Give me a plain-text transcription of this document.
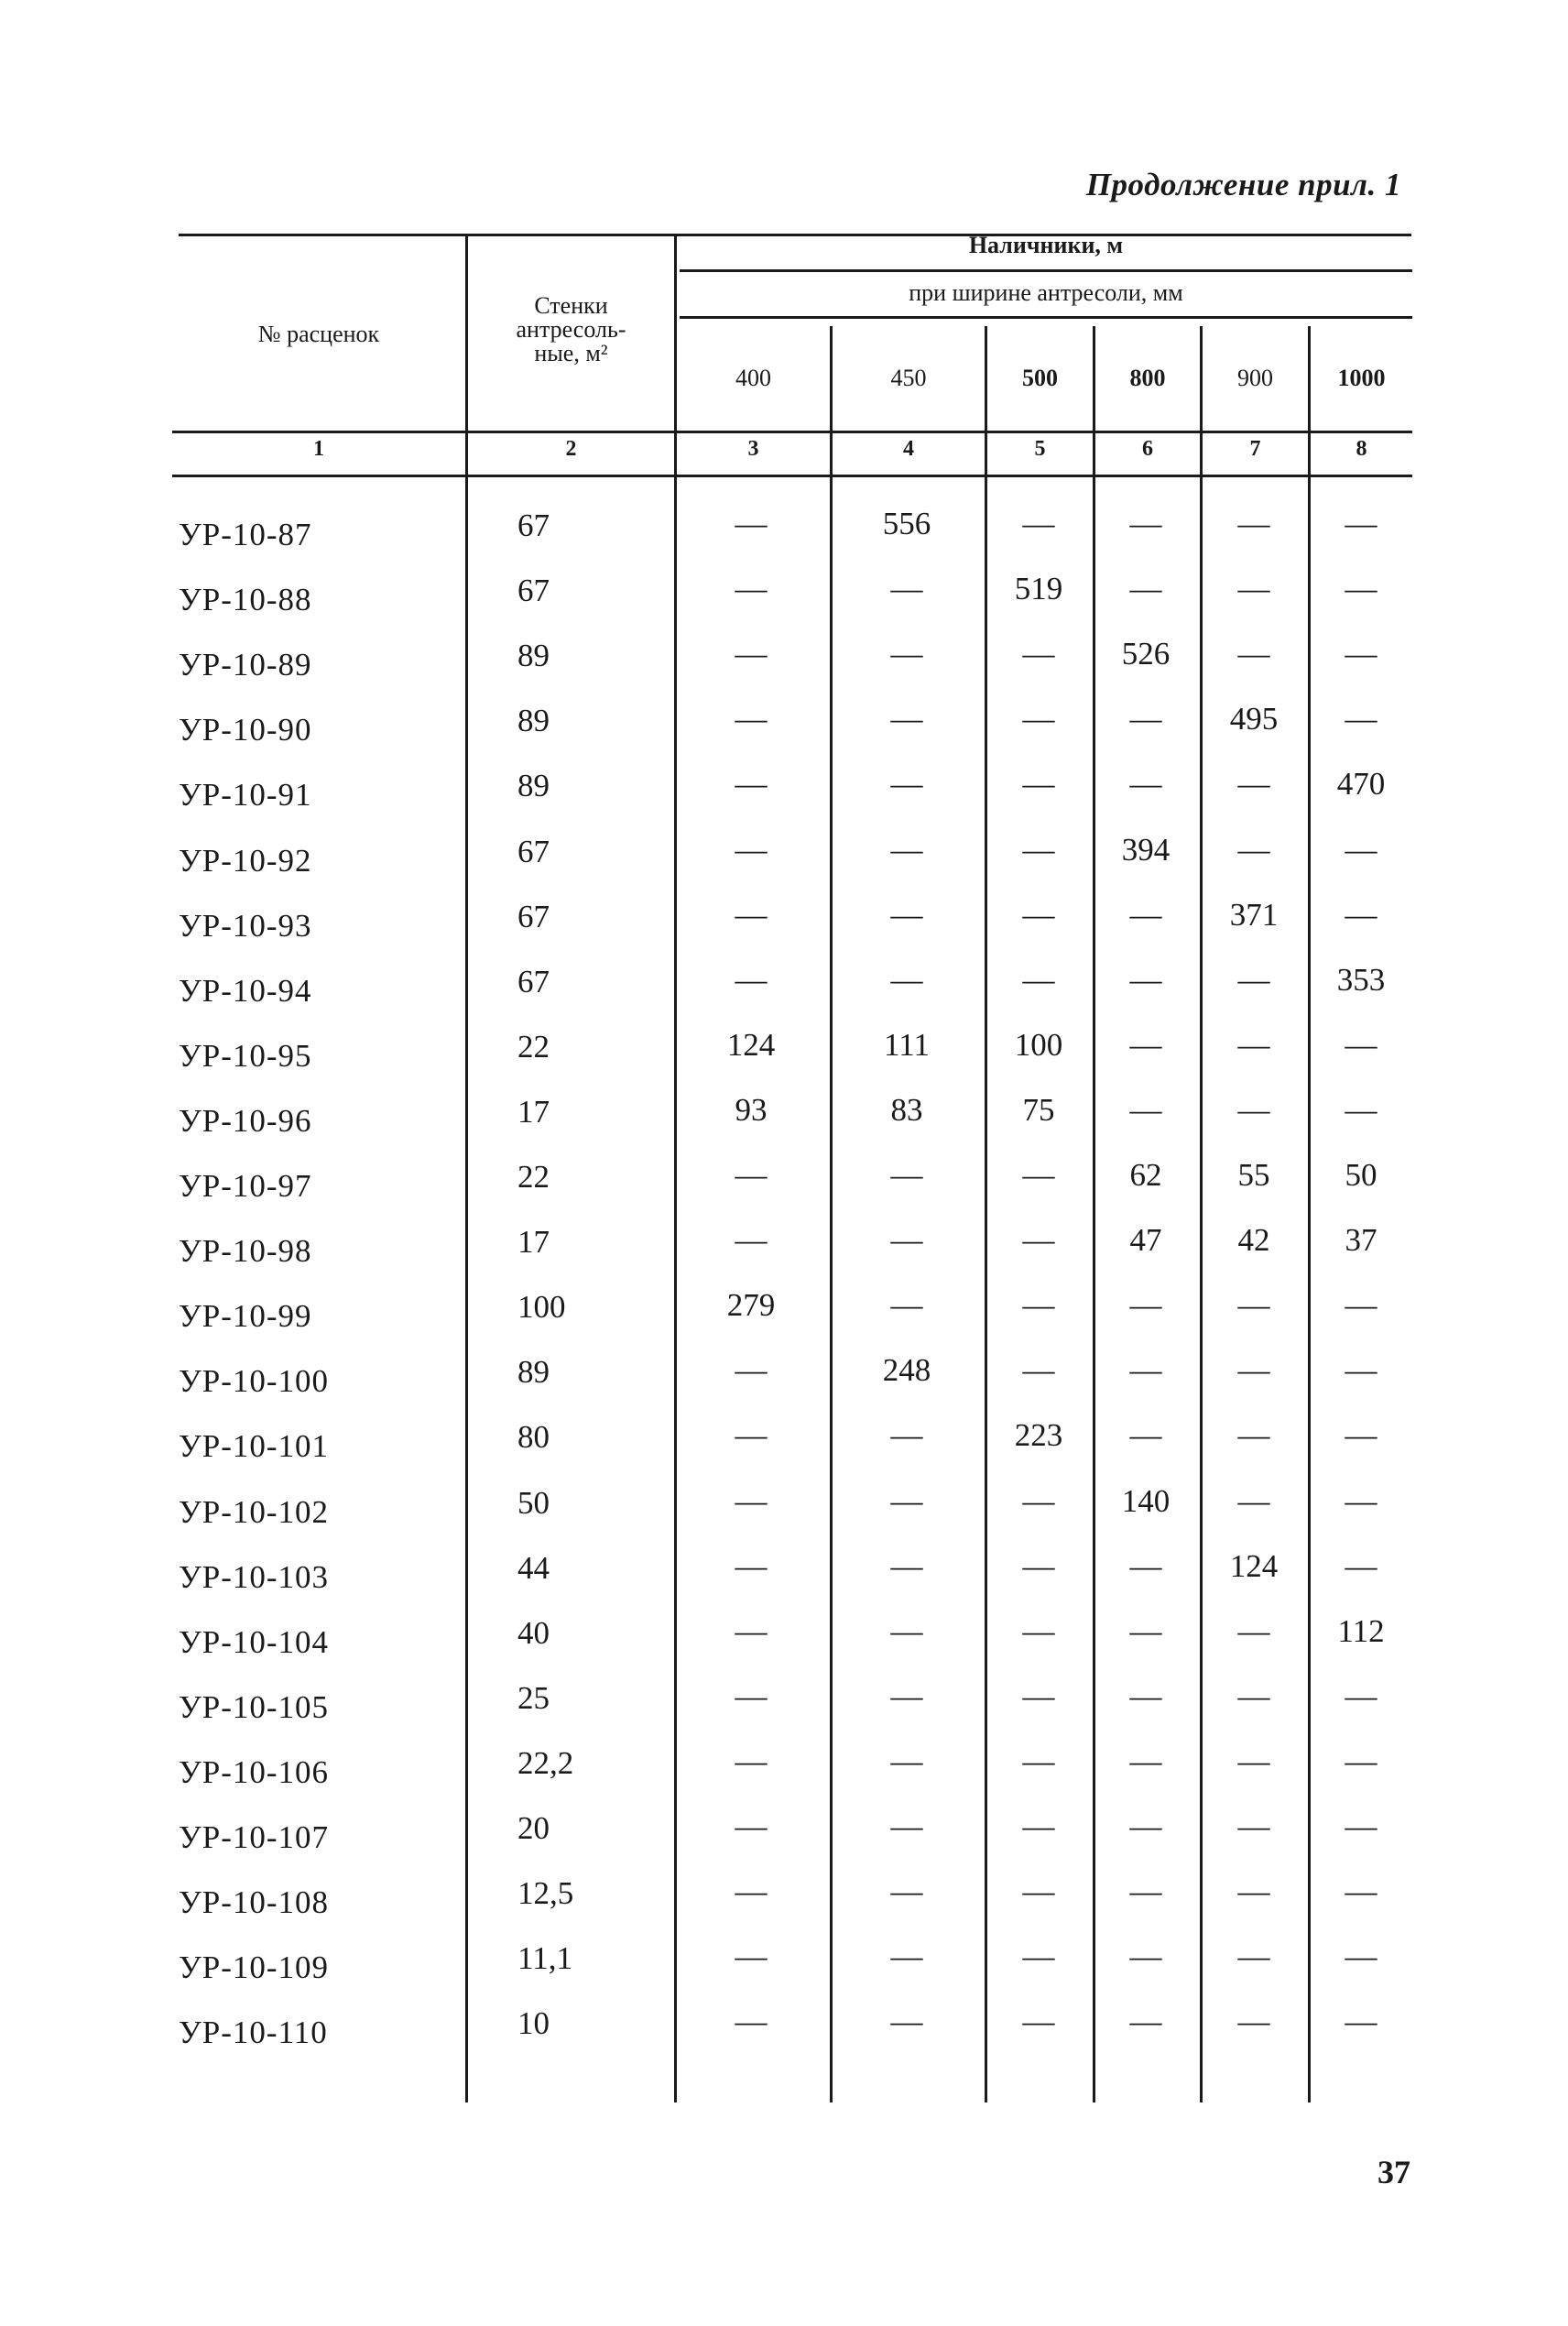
Продолжение прил. 1
№ расценок
Стенки
антресоль-
ные, м²
Наличники, м
при ширине антресоли, мм
400	450	500	800	900	1000
1	2	3	4	5	6	7	8
УР-10-87	67	—	556	—	—	—	—
УР-10-88	67	—	—	519	—	—	—
УР-10-89	89	—	—	—	526	—	—
УР-10-90	89	—	—	—	—	495	—
УР-10-91	89	—	—	—	—	—	470
УР-10-92	67	—	—	—	394	—	—
УР-10-93	67	—	—	—	—	371	—
УР-10-94	67	—	—	—	—	—	353
УР-10-95	22	124	111	100	—	—	—
УР-10-96	17	93	83	75	—	—	—
УР-10-97	22	—	—	—	62	55	50
УР-10-98	17	—	—	—	47	42	37
УР-10-99	100	279	—	—	—	—	—
УР-10-100	89	—	248	—	—	—	—
УР-10-101	80	—	—	223	—	—	—
УР-10-102	50	—	—	—	140	—	—
УР-10-103	44	—	—	—	—	124	—
УР-10-104	40	—	—	—	—	—	112
УР-10-105	25	—	—	—	—	—	—
УР-10-106	22,2	—	—	—	—	—	—
УР-10-107	20	—	—	—	—	—	—
УР-10-108	12,5	—	—	—	—	—	—
УР-10-109	11,1	—	—	—	—	—	—
УР-10-110	10	—	—	—	—	—	—
37
